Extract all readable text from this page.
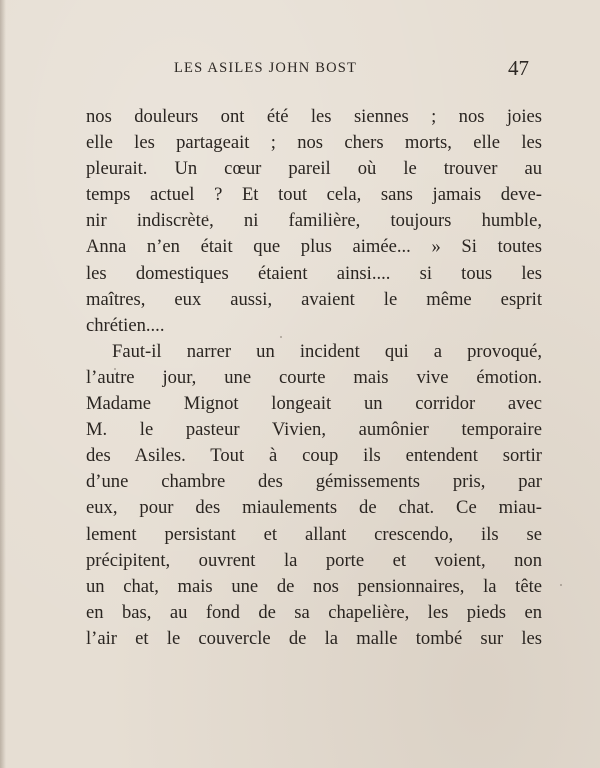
LES ASILES JOHN BOST	47
nos douleurs ont été les siennes ; nos joies
elle les partageait ; nos chers morts, elle les
pleurait. Un cœur pareil où le trouver au
temps actuel ? Et tout cela, sans jamais deve-
nir indiscrète, ni familière, toujours humble,
Anna n’en était que plus aimée... » Si toutes
les domestiques étaient ainsi.... si tous les
maîtres, eux aussi, avaient le même esprit
chrétien....
Faut-il narrer un incident qui a provoqué,
l’autre jour, une courte mais vive émotion.
Madame Mignot longeait un corridor avec
M. le pasteur Vivien, aumônier temporaire
des Asiles. Tout à coup ils entendent sortir
d’une chambre des gémissements pris, par
eux, pour des miaulements de chat. Ce miau-
lement persistant et allant crescendo, ils se
précipitent, ouvrent la porte et voient, non
un chat, mais une de nos pensionnaires, la tête
en bas, au fond de sa chapelière, les pieds en
l’air et le couvercle de la malle tombé sur les
